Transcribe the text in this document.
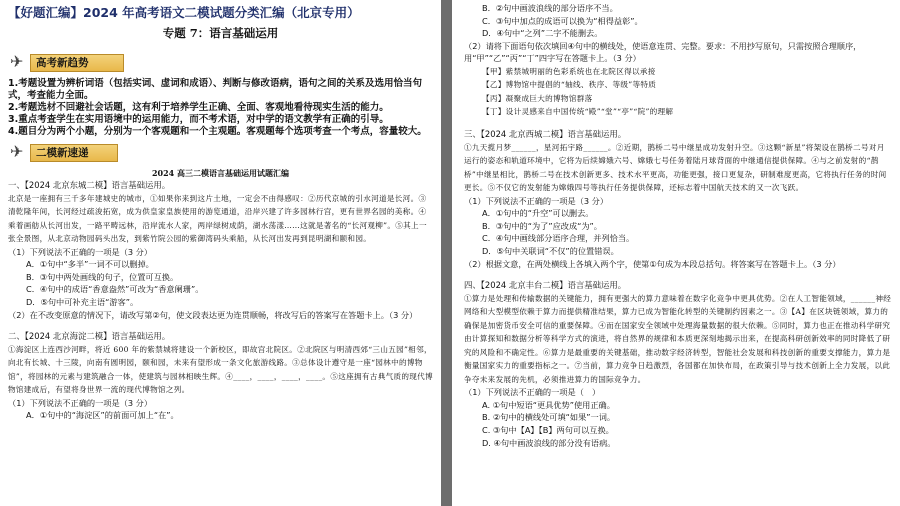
【好题汇编】2024 年高考语文二模试题分类汇编（北京专用）
专题 7：语言基础运用
✈ 高考新趋势

1.考题设置为辨析词语（包括实词、虚词和成语）、判断与修改语病，语句之间的关系及选用恰当句式，考查能力全面。

2.考题选材不回避社会话题，这有利于培养学生正确、全面、客观地看待现实生活的能力。

3.重点考查学生在实用语境中的运用能力，而不考术语，对中学的语文教学有正确的引导。

4.题目分为两个小题，分别为一个客观题和一个主观题。客观题每个选项考查一个考点，容量较大。

✈ 二模新速递
2024 高三二模语言基础运用试题汇编

一、【2024 北京东城二模】语言基础运用。

北京是一座拥有三千多年建城史的城市，①如果你来到这片土地，一定会不由得感叹：②历代京城的引水河道是长河。③清乾隆年间，长河经过疏浚拓宽，成为供皇家皇族使用的游览通道，沿岸兴建了许多园林行宫，更有世界名园的美称。④乘着画舫从长河出发，一路平畴远林，沿岸流水人家，两岸绿树成荫，湖水荡漾……这就是著名的“长河观柳”。⑤其上一张全景图，从北京动物园码头出发，到紫竹院公园的紫御湾码头乘船，从长河出发再到昆明湖和颐和园。

（1）下列说法不正确的一项是（3 分）

A．①句中“多半”一词不可以删掉。

B．③句中两处画线的句子，位置可互换。

C．④句中的成语“香意盎然”可改为“香意阑珊”。

D．⑤句中可补充主语“游客”。

（2）在不改变原意的情况下，请改写第②句，使文段表达更为连贯顺畅，将改写后的答案写在答题卡上。（3 分）

二、【2024 北京海淀二模】语言基础运用。

①海淀区上连西沙河畔，将近 600 年的紫禁城将建设一个新校区，即故宫北院区。②北院区与明清西郊“三山五园”相邻，向北有长城、十三陵，向南有圆明园，颐和园，未来有望形成一条文化旅游线路。③总体设计遵守是一座“园林中的博物馆”，将园林的元素与建筑融合一体，使建筑与园林相映生辉。④____，____，____，____。⑤这座拥有古典气质的现代博物馆建成后，有望将身世界一流的现代博物馆之列。

（1）下列说法不正确的一项是（3 分）

A．①句中的“海淀区”的前面可加上“在”。

B．②句中画波浪线的部分语序不当。

C．③句中加点的成语可以换为“相得益彰”。

D．④句中“之列”二字不能删去。

（2）请将下面语句依次填回④句中的横线处，使语意连贯、完整。要求：不用抄写原句，只需按照合理顺序，用“甲”“乙”“丙”“丁”四字写在答题卡上。（3 分）

【甲】紫禁城明丽的色彩系统也在北院区得以承接

【乙】博物馆中提倡的“轴线、秩序、等级”等特质

【丙】凝聚成巨大的博物馆群落

【丁】设计灵感来自中国传统“殿”“堂”“亭”“院”的理解

三、【2024 北京西城二模】语言基础运用。

①九天揽月梦______，星河拓宇路______。②近期，鹊桥二号中继星成功发射升空。③这颗“新星”将架设在鹊桥二号对月运行的姿态和轨道环境中，它将为后续嫦娥六号、嫦娥七号任务着陆月球背面的中继通信提供保障。④与之前发射的“鹊桥”中继星相比，鹊桥二号在技术创新更多、技术水平更高，功能更强，接口更复杂，研制难度更高，它将执行任务的时间更长。⑤不仅它的发射能为嫦娥四号等执行任务提供保障，还标志着中国航天技术的又一次飞跃。

（1）下列说法不正确的一项是（3 分）

A．①句中的“升空”可以删去。

B．③句中的“为了”应改成“为”。

C．④句中画线部分语序合理，并列恰当。

D．⑤句中关联词“不仅”的位置错误。

（2）根据文意，在两处横线上各填入两个字，使第①句成为本段总括句。将答案写在答题卡上。（3 分）

四、【2024 北京丰台二模】语言基础运用。

①算力是处理和传输数据的关键能力，拥有更强大的算力意味着在数字化竞争中更具优势。②在人工智能领域，______神经网络和大型模型依赖于算力而提供精准结果，算力已成为智能化转型的关键制约因素之一。③【A】在区块链领域，算力的确保是加密货币安全可信的重要保障。④而在国家安全领域中处理海量数据的很大依赖。⑤同时，算力也正在推动科学研究由计算探知和数据分析等科学方式的演进，将自然界的规律和本质更深刻地揭示出来，在提高科研创新效率的同时降低了研究的风险和不确定性。⑥算力是最重要的关键基础，推动数字经济转型，智能社会发展和科技创新的重要支撑能力，算力是衡量国家实力的重要指标之一。⑦当前，算力竞争日趋激烈，各国都在加快布局，在政策引导与技术创新上全力发展，以此争夺未来发展的先机，必须推进算力的国际竞争力。

（1）下列说法不正确的一项是（　）

A. ①句中短语“更具优势”使用正确。

B. ②句中的横线处可填“如果”一词。

C. ③句中【A】【B】两句可以互换。

D. ④句中画波浪线的部分没有语病。
